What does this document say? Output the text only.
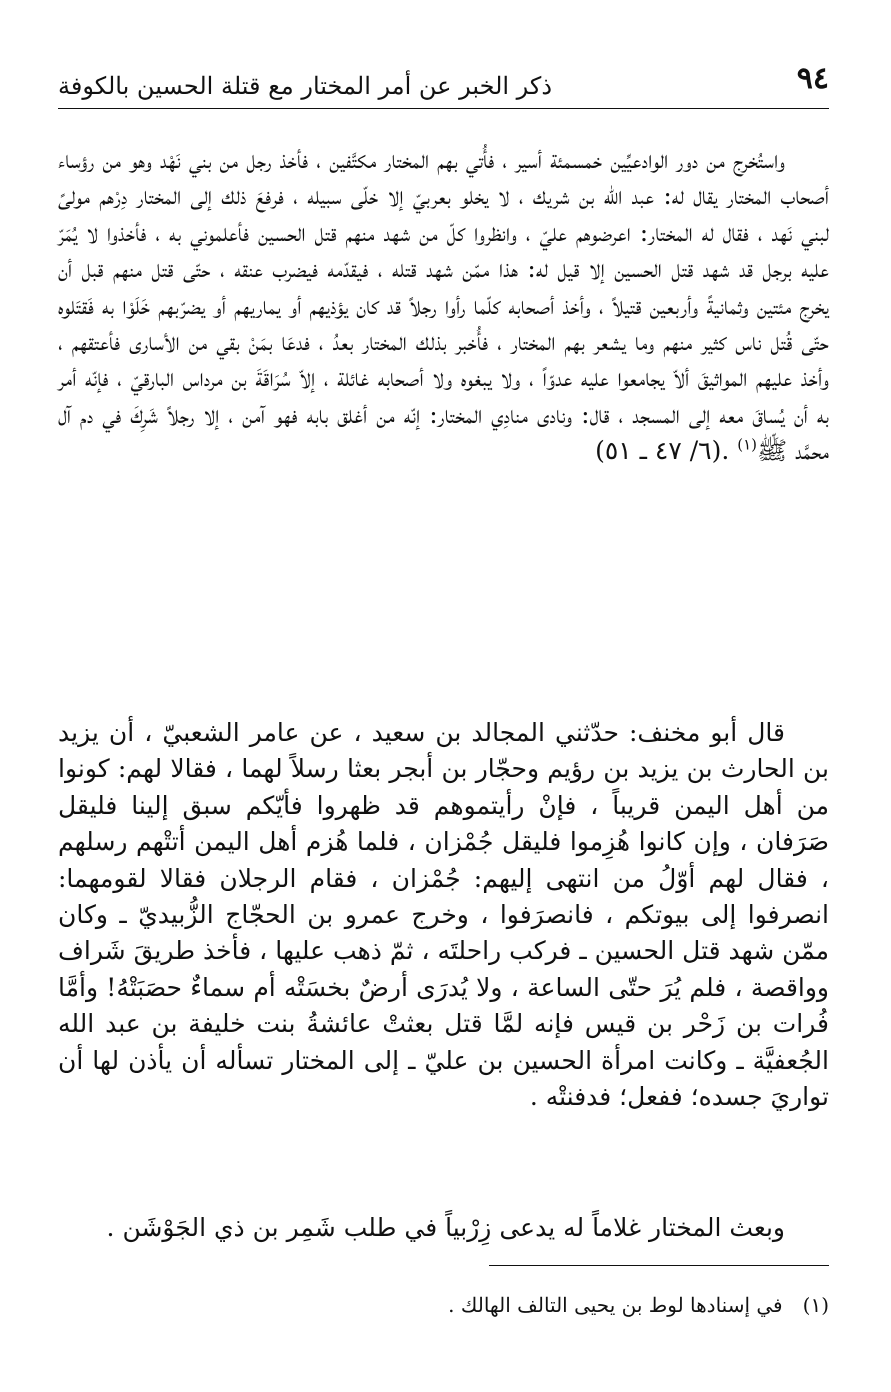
٩٤
ذكر الخبر عن أمر المختار مع قتلة الحسين بالكوفة

واستُخرج من دور الوادعيِّين خمسمئة أسير ، فأُتي بهم المختار مكتَّفين ، فأخذ رجل من بني نَهْد وهو من رؤساء أصحاب المختار يقال له: عبد الله بن شريك ، لا يخلو بعربيّ إلا خلّى سبيله ، فرفعَ ذلك إلى المختار دِرْهم مولىً لبني نَهد ، فقال له المختار: اعرضوهم عليّ ، وانظروا كلّ من شهد منهم قتل الحسين فأعلموني به ، فأخذوا لا يُمَرّ عليه برجل قد شهد قتل الحسين إلا قيل له: هذا ممّن شهد قتله ، فيقدّمه فيضرب عنقه ، حتّى قتل منهم قبل أن يخرج مئتين وثمانيةً وأربعين قتيلاً ، وأخذ أصحابه كلّما رأوا رجلاً قد كان يؤذيهم أو يماريهم أو يضرّبهم خَلَوْا به فَقتَلوه حتّى قُتل ناس كثير منهم وما يشعر بهم المختار ، فأُخبر بذلك المختار بعدُ ، فدعَا بمَنْ بقي من الأسارى فأعتقهم ، وأخذ عليهم المواثيقَ ألاّ يجامعوا عليه عدوّاً ، ولا يبغوه ولا أصحابه غائلة ، إلاّ سُرَاقَةَ بن مرداس البارقيّ ، فإنّه أمر به أن يُساقَ معه إلى المسجد ، قال: ونادى منادِي المختار: إنّه من أغلق بابه فهو آمن ، إلا رجلاً شَرِكَ في دم آل محمَّد ﷺ$^{(١)}$ .(٦/ ٤٧ ـ ٥١)

قال أبو مخنف: حدّثني المجالد بن سعيد ، عن عامر الشعبيّ ، أن يزيد بن الحارث بن يزيد بن رؤيم وحجّار بن أبجر بعثا رسلاً لهما ، فقالا لهم: كونوا من أهل اليمن قريباً ، فإنْ رأيتموهم قد ظهروا فأيّكم سبق إلينا فليقل صَرَفان ، وإن كانوا هُزِموا فليقل جُمْزان ، فلما هُزم أهل اليمن أتتْهم رسلهم ، فقال لهم أوّلُ من انتهى إليهم: جُمْزان ، فقام الرجلان فقالا لقومهما: انصرفوا إلى بيوتكم ، فانصرَفوا ، وخرج عمرو بن الحجّاج الزُّبيديّ ـ وكان ممّن شهد قتل الحسين ـ فركب راحلتَه ، ثمّ ذهب عليها ، فأخذ طريقَ شَراف وواقصة ، فلم يُرَ حتّى الساعة ، ولا يُدرَى أرضٌ بخسَتْه أم سماءٌ حصَبَتْهُ! وأمَّا فُرات بن زَحْر بن قيس فإنه لمَّا قتل بعثتْ عائشةُ بنت خليفة بن عبد الله الجُعفيَّة ـ وكانت امرأة الحسين بن عليّ ـ إلى المختار تسأله أن يأذن لها أن تواريَ جسده؛ ففعل؛ فدفنتْه .

وبعث المختار غلاماً له يدعى زِرْبياً في طلب شَمِر بن ذي الجَوْشَن .

(١)في إسنادها لوط بن يحيى التالف الهالك .
